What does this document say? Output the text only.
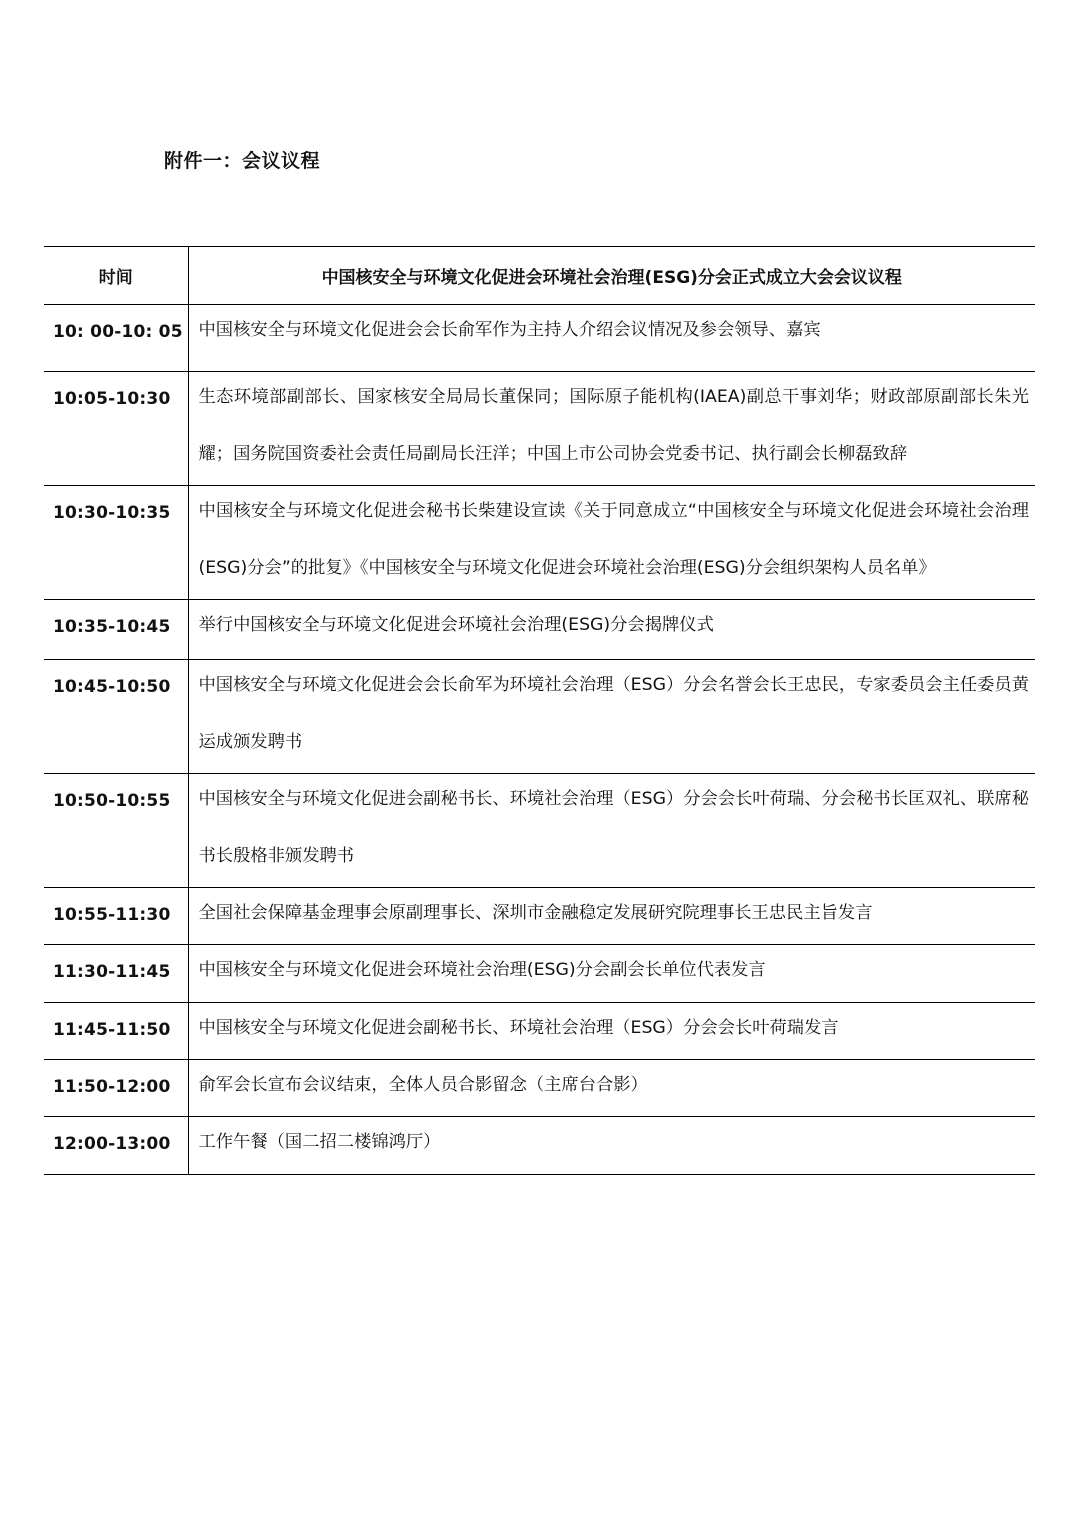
附件一：会议议程
时间	中国核安全与环境文化促进会环境社会治理(ESG)分会正式成立大会会议议程
10: 00-10: 05	中国核安全与环境文化促进会会长俞军作为主持人介绍会议情况及参会领导、嘉宾

10:05-10:30	生态环境部副部长、国家核安全局局长董保同；国际原子能机构(IAEA)副总干事刘华；财政部原副部长朱光耀；国务院国资委社会责任局副局长汪洋；中国上市公司协会党委书记、执行副会长柳磊致辞

10:30-10:35	中国核安全与环境文化促进会秘书长柴建设宣读《关于同意成立“中国核安全与环境文化促进会环境社会治理(ESG)分会”的批复》《中国核安全与环境文化促进会环境社会治理(ESG)分会组织架构人员名单》

10:35-10:45	举行中国核安全与环境文化促进会环境社会治理(ESG)分会揭牌仪式

10:45-10:50	中国核安全与环境文化促进会会长俞军为环境社会治理（ESG）分会名誉会长王忠民，专家委员会主任委员黄运成颁发聘书

10:50-10:55	中国核安全与环境文化促进会副秘书长、环境社会治理（ESG）分会会长叶荷瑞、分会秘书长匡双礼、联席秘书长殷格非颁发聘书

10:55-11:30	全国社会保障基金理事会原副理事长、深圳市金融稳定发展研究院理事长王忠民主旨发言

11:30-11:45	中国核安全与环境文化促进会环境社会治理(ESG)分会副会长单位代表发言

11:45-11:50	中国核安全与环境文化促进会副秘书长、环境社会治理（ESG）分会会长叶荷瑞发言

11:50-12:00	俞军会长宣布会议结束，全体人员合影留念（主席台合影）

12:00-13:00	工作午餐（国二招二楼锦鸿厅）
